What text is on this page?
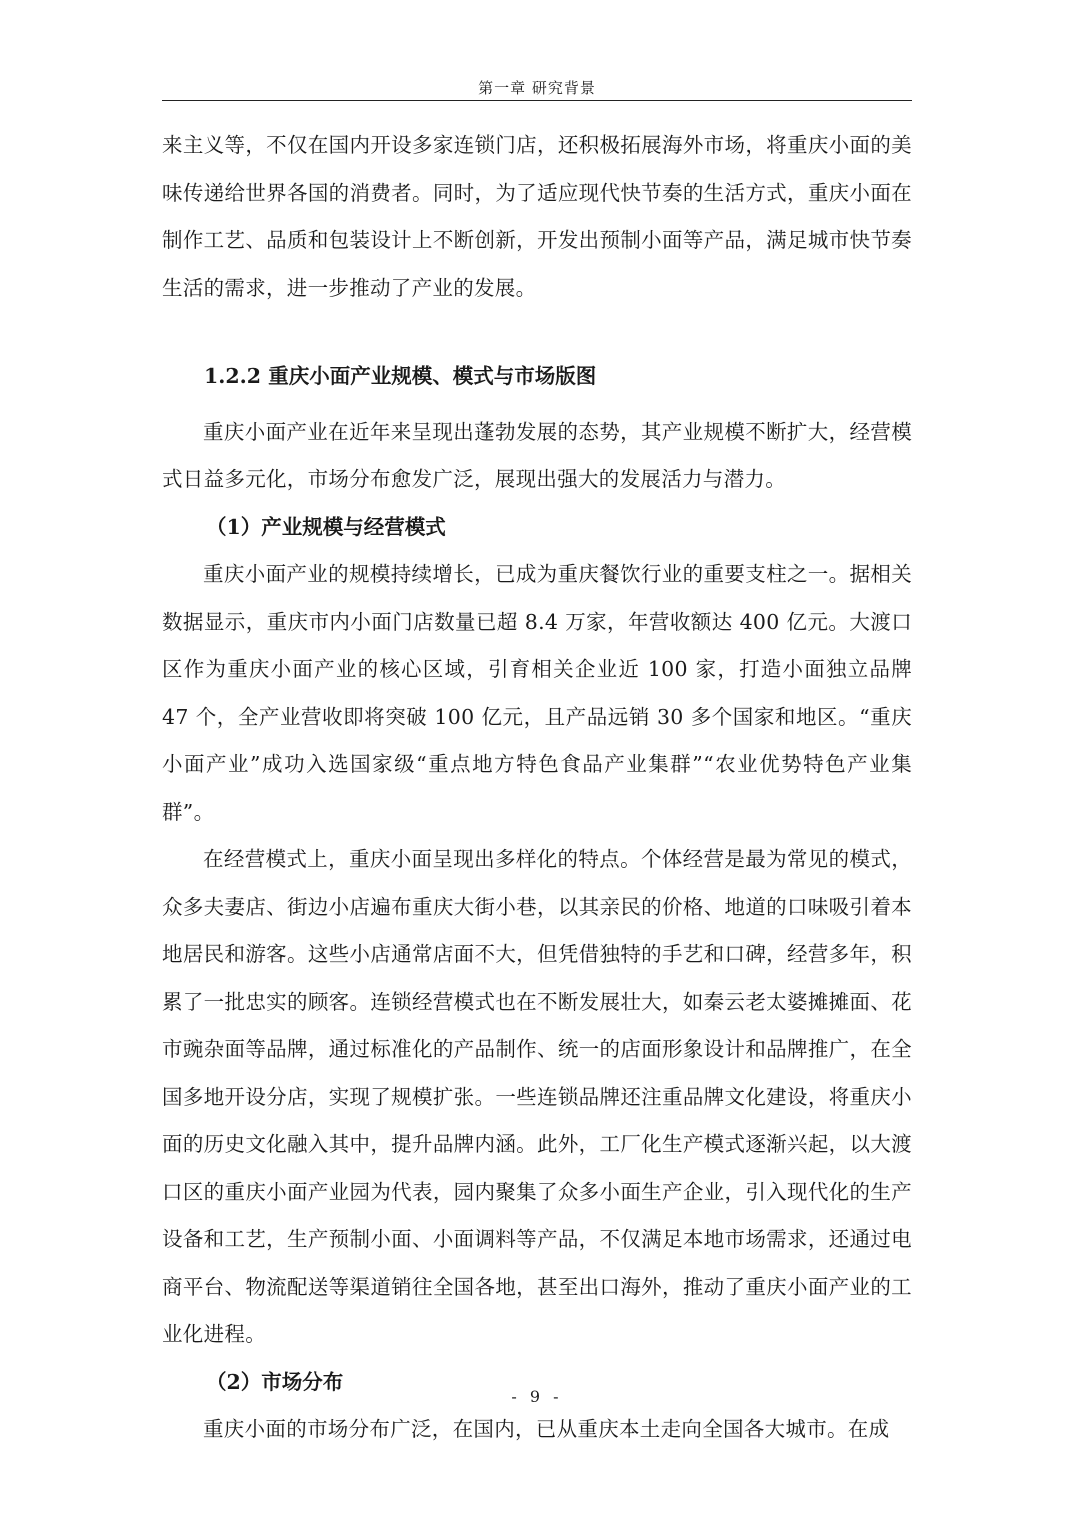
第一章 研究背景

来主义等，不仅在国内开设多家连锁门店，还积极拓展海外市场，将重庆小面的美味传递给世界各国的消费者。同时，为了适应现代快节奏的生活方式，重庆小面在制作工艺、品质和包装设计上不断创新，开发出预制小面等产品，满足城市快节奏生活的需求，进一步推动了产业的发展。

1.2.2 重庆小面产业规模、模式与市场版图

重庆小面产业在近年来呈现出蓬勃发展的态势，其产业规模不断扩大，经营模式日益多元化，市场分布愈发广泛，展现出强大的发展活力与潜力。

（1）产业规模与经营模式

重庆小面产业的规模持续增长，已成为重庆餐饮行业的重要支柱之一。据相关数据显示，重庆市内小面门店数量已超 8.4 万家，年营收额达 400 亿元。大渡口区作为重庆小面产业的核心区域，引育相关企业近 100 家，打造小面独立品牌 47 个，全产业营收即将突破 100 亿元，且产品远销 30 多个国家和地区。“重庆小面产业”成功入选国家级“重点地方特色食品产业集群”“农业优势特色产业集群”。

在经营模式上，重庆小面呈现出多样化的特点。个体经营是最为常见的模式，众多夫妻店、街边小店遍布重庆大街小巷，以其亲民的价格、地道的口味吸引着本地居民和游客。这些小店通常店面不大，但凭借独特的手艺和口碑，经营多年，积累了一批忠实的顾客。连锁经营模式也在不断发展壮大，如秦云老太婆摊摊面、花市豌杂面等品牌，通过标准化的产品制作、统一的店面形象设计和品牌推广，在全国多地开设分店，实现了规模扩张。一些连锁品牌还注重品牌文化建设，将重庆小面的历史文化融入其中，提升品牌内涵。此外，工厂化生产模式逐渐兴起，以大渡口区的重庆小面产业园为代表，园内聚集了众多小面生产企业，引入现代化的生产设备和工艺，生产预制小面、小面调料等产品，不仅满足本地市场需求，还通过电商平台、物流配送等渠道销往全国各地，甚至出口海外，推动了重庆小面产业的工业化进程。

（2）市场分布

重庆小面的市场分布广泛，在国内，已从重庆本土走向全国各大城市。在成

- 9 -
